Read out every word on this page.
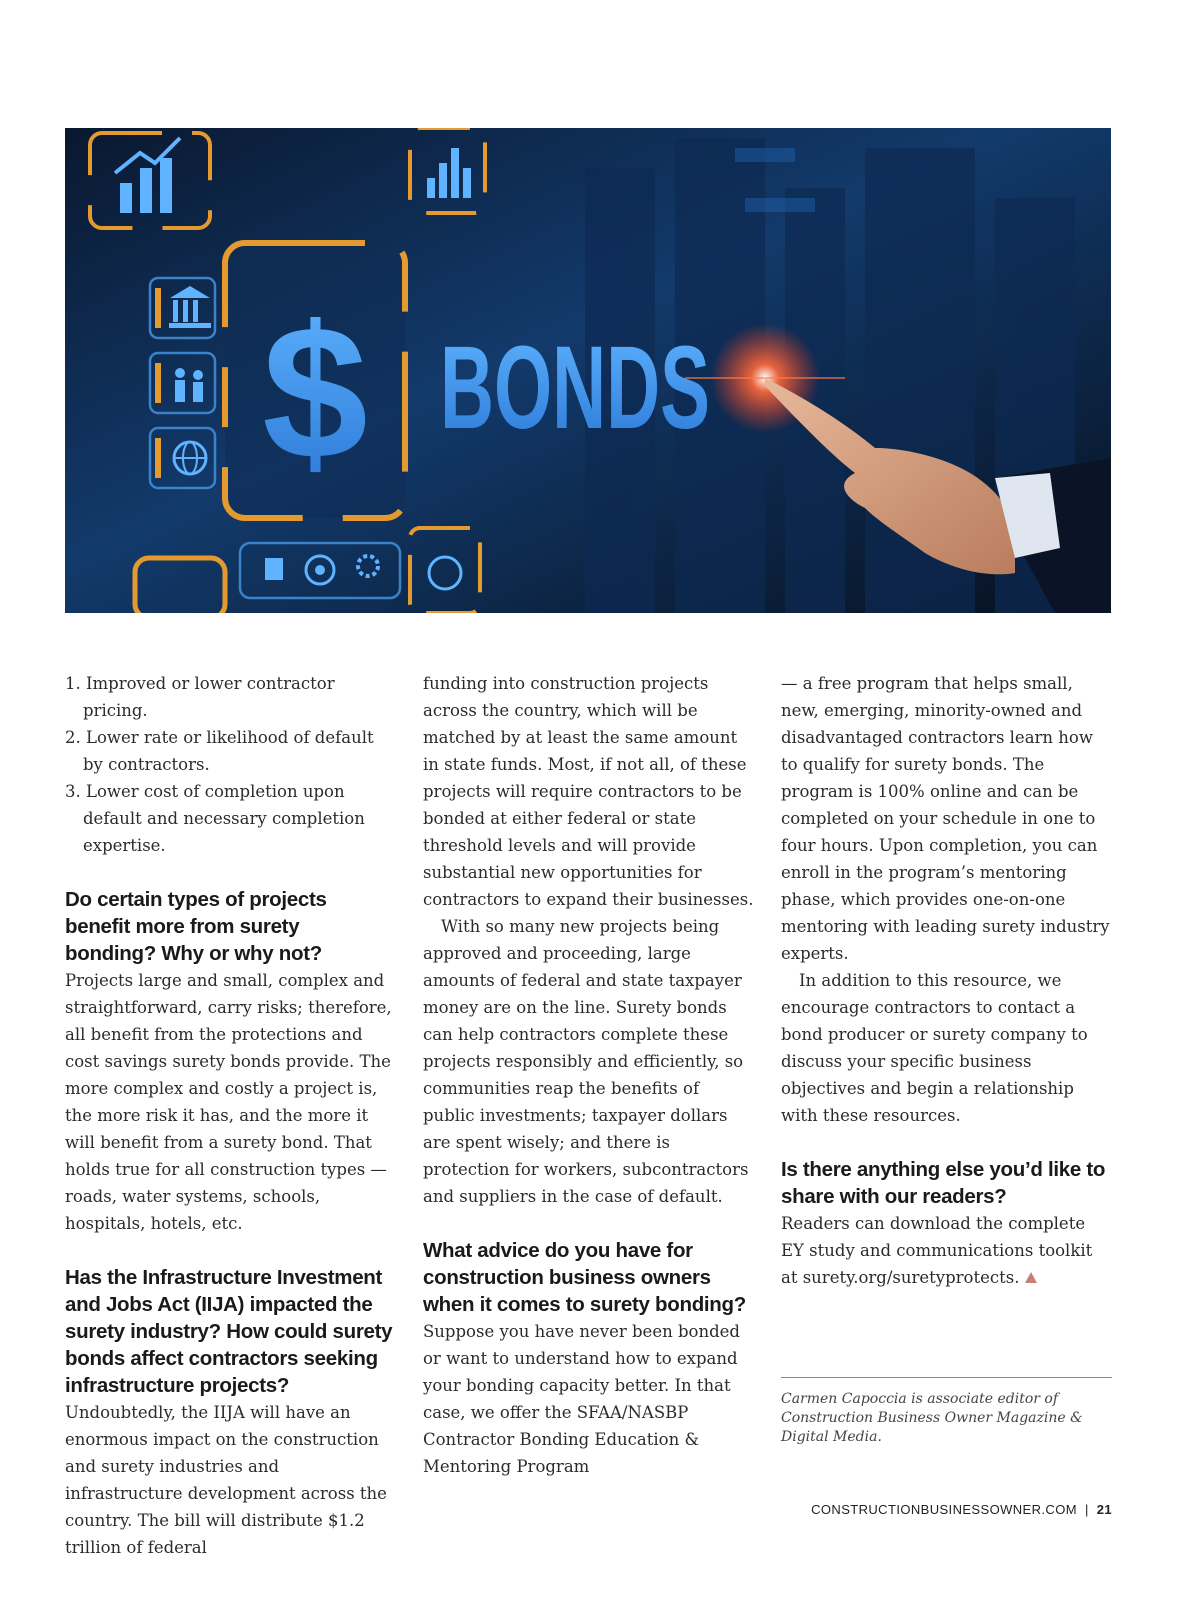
$ BONDS
1. Improved or lower contractor pricing.
2. Lower rate or likelihood of default by contractors.
3. Lower cost of completion upon default and necessary completion expertise.
Do certain types of projects benefit more from surety bonding? Why or why not?

Projects large and small, complex and straightforward, carry risks; therefore, all benefit from the protections and cost savings surety bonds provide. The more complex and costly a project is, the more risk it has, and the more it will benefit from a surety bond. That holds true for all construction types — roads, water systems, schools, hospitals, hotels, etc.

Has the Infrastructure Investment and Jobs Act (IIJA) impacted the surety industry? How could surety bonds affect contractors seeking infrastructure projects?

Undoubtedly, the IIJA will have an enormous impact on the construction and surety industries and infrastructure development across the country. The bill will distribute $1.2 trillion of federal

funding into construction projects across the country, which will be matched by at least the same amount in state funds. Most, if not all, of these projects will require contractors to be bonded at either federal or state threshold levels and will provide substantial new opportunities for contractors to expand their businesses.

With so many new projects being approved and proceeding, large amounts of federal and state taxpayer money are on the line. Surety bonds can help contractors complete these projects responsibly and efficiently, so communities reap the benefits of public investments; taxpayer dollars are spent wisely; and there is protection for workers, subcontractors and suppliers in the case of default.

What advice do you have for construction business owners when it comes to surety bonding?

Suppose you have never been bonded or want to understand how to expand your bonding capacity better. In that case, we offer the SFAA/NASBP Contractor Bonding Education & Mentoring Program

— a free program that helps small, new, emerging, minority-owned and disadvantaged contractors learn how to qualify for surety bonds. The program is 100% online and can be completed on your schedule in one to four hours. Upon completion, you can enroll in the program’s mentoring phase, which provides one-on-one mentoring with leading surety industry experts.

In addition to this resource, we encourage contractors to contact a bond producer or surety company to discuss your specific business objectives and begin a relationship with these resources.

Is there anything else you’d like to share with our readers?

Readers can download the complete EY study and communications toolkit at surety.org/suretyprotects.

Carmen Capoccia is associate editor of Construction Business Owner Magazine & Digital Media.
CONSTRUCTIONBUSINESSOWNER.COM | 21
